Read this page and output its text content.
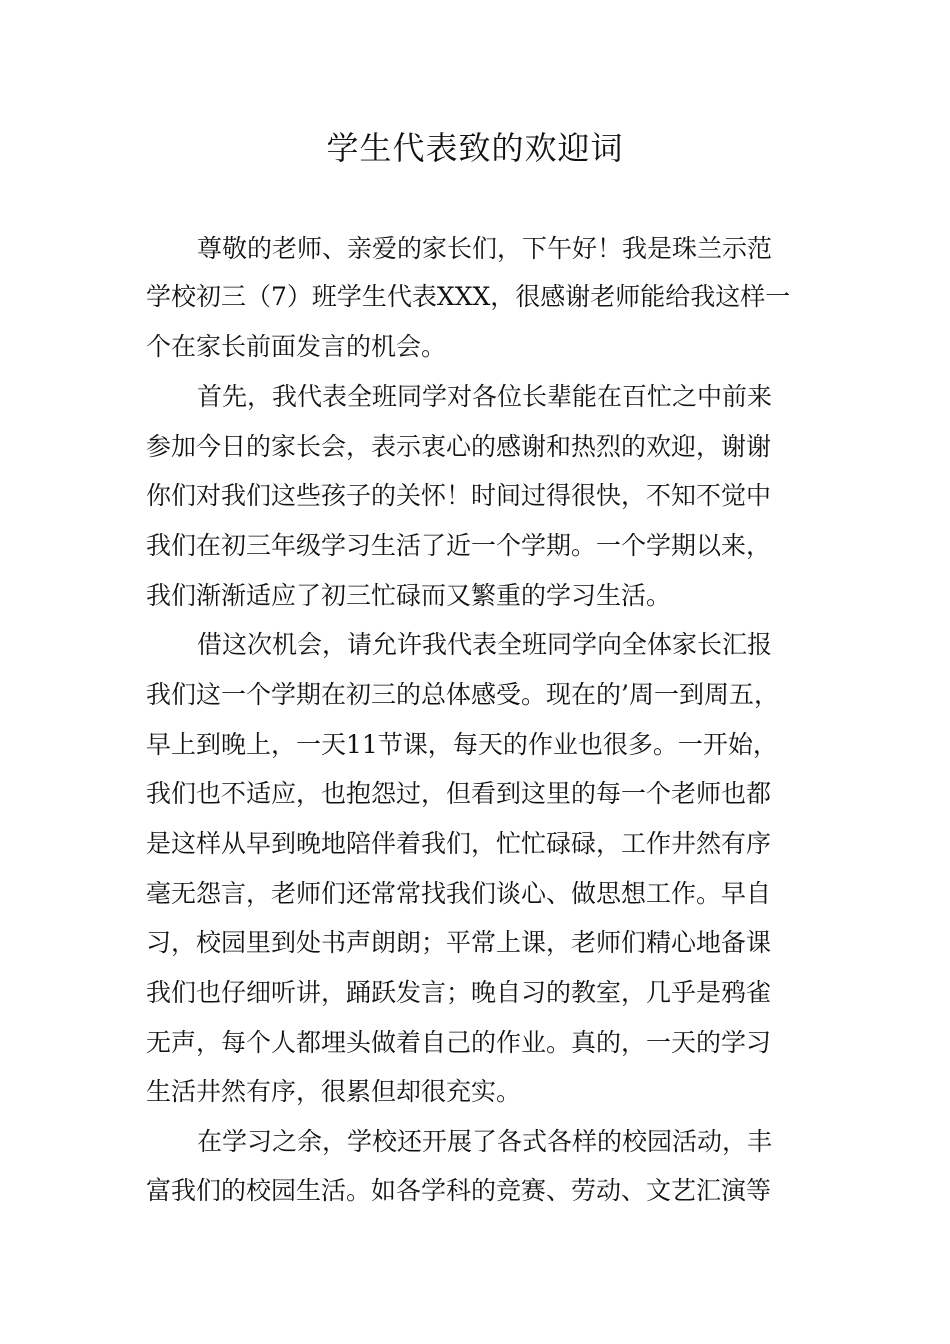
学生代表致的欢迎词

尊敬的老师、亲爱的家长们，下午好！我是珠兰示范

学校初三（7）班学生代表XXX，很感谢老师能给我这样一

个在家长前面发言的机会。

首先，我代表全班同学对各位长辈能在百忙之中前来

参加今日的家长会，表示衷心的感谢和热烈的欢迎，谢谢

你们对我们这些孩子的关怀！时间过得很快，不知不觉中

我们在初三年级学习生活了近一个学期。一个学期以来，

我们渐渐适应了初三忙碌而又繁重的学习生活。

借这次机会，请允许我代表全班同学向全体家长汇报

我们这一个学期在初三的总体感受。现在的’周一到周五，

早上到晚上，一天11节课，每天的作业也很多。一开始，

我们也不适应，也抱怨过，但看到这里的每一个老师也都

是这样从早到晚地陪伴着我们，忙忙碌碌，工作井然有序

毫无怨言，老师们还常常找我们谈心、做思想工作。早自

习，校园里到处书声朗朗；平常上课，老师们精心地备课

我们也仔细听讲，踊跃发言；晚自习的教室，几乎是鸦雀

无声，每个人都埋头做着自己的作业。真的，一天的学习

生活井然有序，很累但却很充实。

在学习之余，学校还开展了各式各样的校园活动，丰

富我们的校园生活。如各学科的竞赛、劳动、文艺汇演等
